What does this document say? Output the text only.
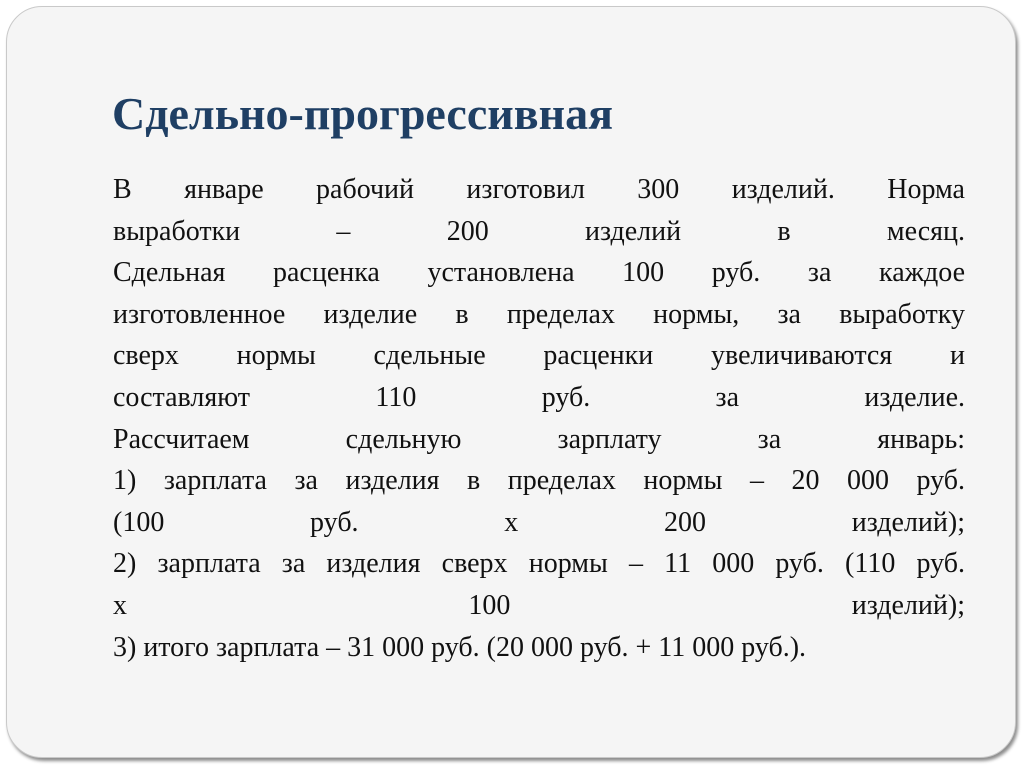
Сдельно-прогрессивная
В январе рабочий изготовил 300 изделий. Норма
выработки – 200 изделий в месяц.
Сдельная расценка установлена 100 руб. за каждое
изготовленное изделие в пределах нормы, за выработку
сверх нормы сдельные расценки увеличиваются и
составляют 110 руб. за изделие.
Рассчитаем сдельную зарплату за январь:
1) зарплата за изделия в пределах нормы – 20 000 руб.
(100 руб. х 200 изделий);
2) зарплата за изделия сверх нормы – 11 000 руб. (110 руб.
х 100 изделий);
3) итого зарплата – 31 000 руб. (20 000 руб. + 11 000 руб.).
